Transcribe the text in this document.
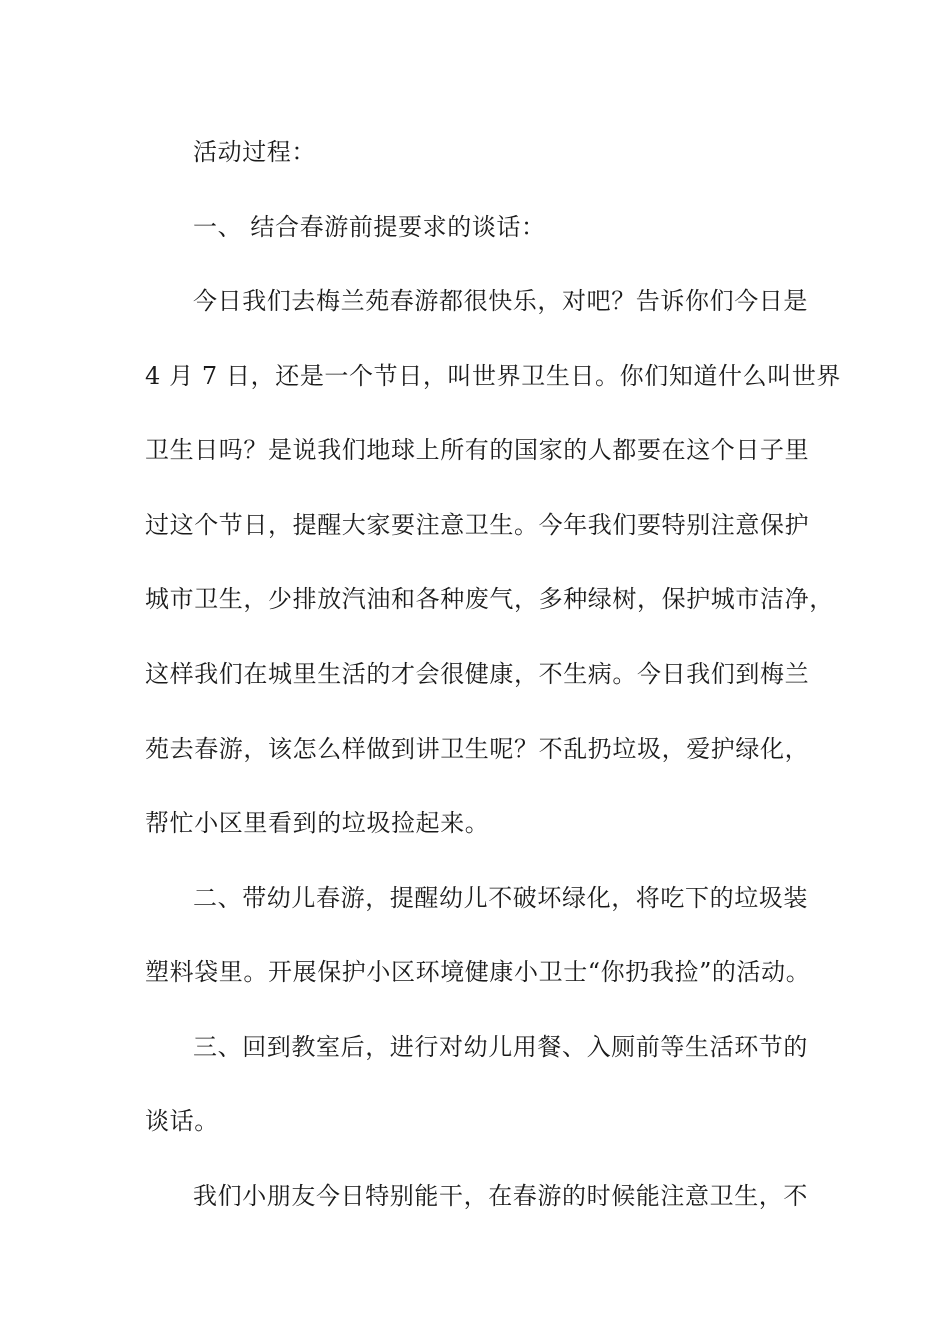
活动过程：
一、 结合春游前提要求的谈话：
今日我们去梅兰苑春游都很快乐，对吧？告诉你们今日是
4 月 7 日，还是一个节日，叫世界卫生日。你们知道什么叫世界
卫生日吗？是说我们地球上所有的国家的人都要在这个日子里
过这个节日，提醒大家要注意卫生。今年我们要特别注意保护
城市卫生，少排放汽油和各种废气，多种绿树，保护城市洁净，
这样我们在城里生活的才会很健康，不生病。今日我们到梅兰
苑去春游，该怎么样做到讲卫生呢？不乱扔垃圾，爱护绿化，
帮忙小区里看到的垃圾捡起来。
二、带幼儿春游，提醒幼儿不破坏绿化，将吃下的垃圾装
塑料袋里。开展保护小区环境健康小卫士“你扔我捡”的活动。
三、回到教室后，进行对幼儿用餐、入厕前等生活环节的
谈话。
我们小朋友今日特别能干，在春游的时候能注意卫生，不
